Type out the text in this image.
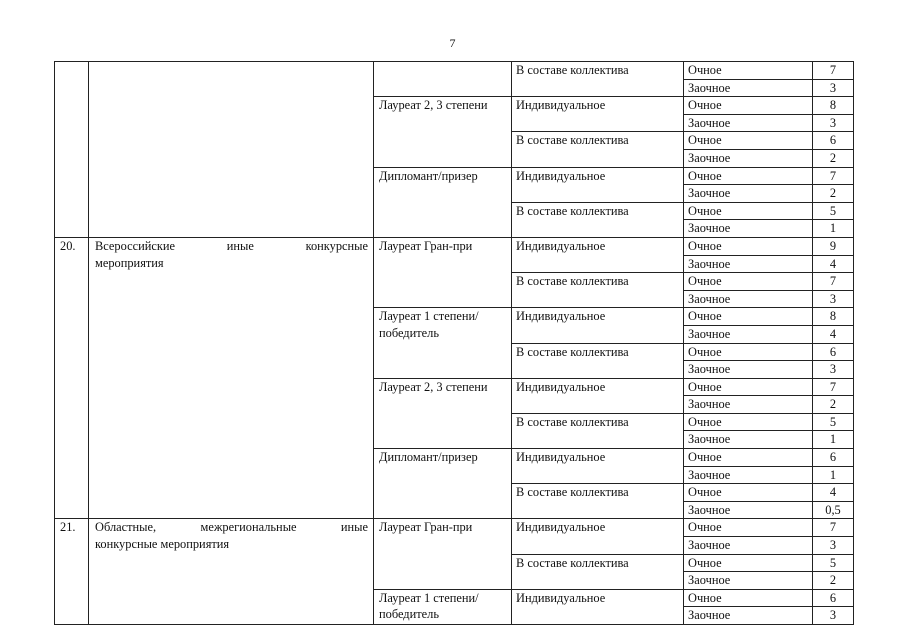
7
			В составе коллектива	Очное	7
				Заочное	3
		Лауреат 2, 3 степени	Индивидуальное	Очное	8
				Заочное	3
			В составе коллектива	Очное	6
				Заочное	2
		Дипломант/призер	Индивидуальное	Очное	7
				Заочное	2
			В составе коллектива	Очное	5
				Заочное	1
20.	Всероссийские иные конкурсные
мероприятия	Лауреат Гран-при	Индивидуальное	Очное	9
				Заочное	4
			В составе коллектива	Очное	7
				Заочное	3

		Лауреат 1 степени/
победитель	Индивидуальное	Очное	8
				Заочное	4
			В составе коллектива	Очное	6
				Заочное	3
		Лауреат 2, 3 степени	Индивидуальное	Очное	7
				Заочное	2
			В составе коллектива	Очное	5
				Заочное	1
		Дипломант/призер	Индивидуальное	Очное	6
				Заочное	1
			В составе коллектива	Очное	4
				Заочное	0,5
21.	Областные, межрегиональные иные
конкурсные мероприятия	Лауреат Гран-при	Индивидуальное	Очное	7
				Заочное	3
			В составе коллектива	Очное	5
				Заочное	2

		Лауреат 1 степени/
победитель	Индивидуальное	Очное	6
				Заочное	3
